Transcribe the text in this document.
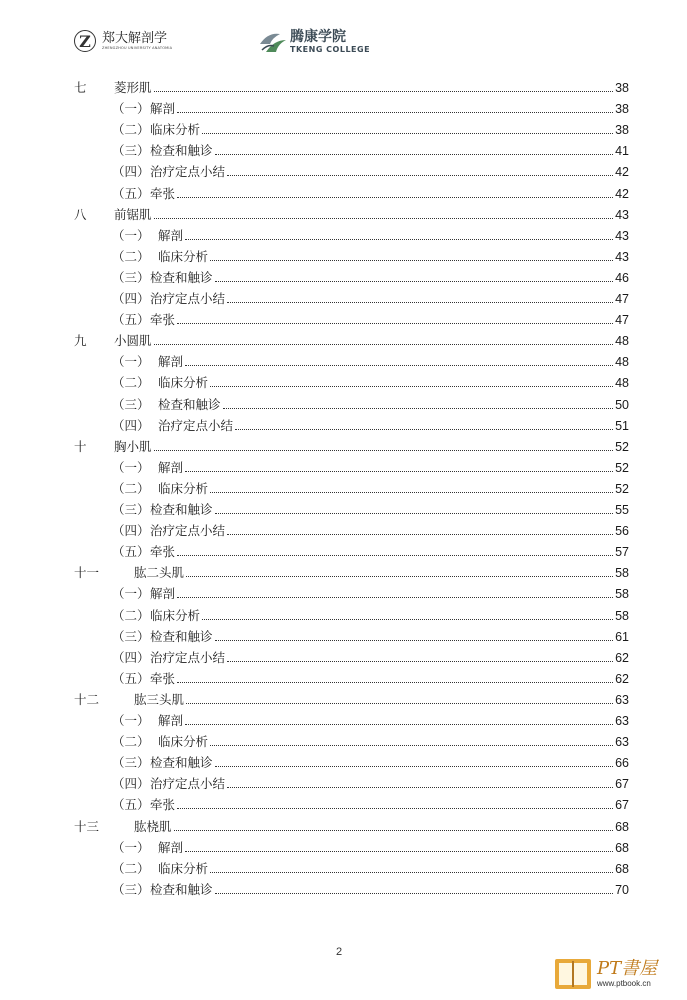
Z 郑大解剖学
ZHENGZHOU UNIVERSITY ANATOMIA
腾康学院
TKENG COLLEGE
七	菱形肌	38
（一） 解剖	38
（二） 临床分析	38
（三） 检查和触诊	41
（四） 治疗定点小结	42
（五） 牵张	42
八	前锯肌	43
（一） 解剖	43
（二） 临床分析	43
（三） 检查和触诊	46
（四） 治疗定点小结	47
（五） 牵张	47
九	小圆肌	48
（一） 解剖	48
（二） 临床分析	48
（三） 检查和触诊	50
（四） 治疗定点小结	51
十	胸小肌	52
（一） 解剖	52
（二） 临床分析	52
（三） 检查和触诊	55
（四） 治疗定点小结	56
（五） 牵张	57
十一	肱二头肌	58
（一） 解剖	58
（二） 临床分析	58
（三） 检查和触诊	61
（四） 治疗定点小结	62
（五） 牵张	62
十二	肱三头肌	63
（一） 解剖	63
（二） 临床分析	63
（三） 检查和触诊	66
（四） 治疗定点小结	67
（五） 牵张	67
十三	肱桡肌	68
（一） 解剖	68
（二） 临床分析	68
（三） 检查和触诊	70
2
PT書屋
www.ptbook.cn
